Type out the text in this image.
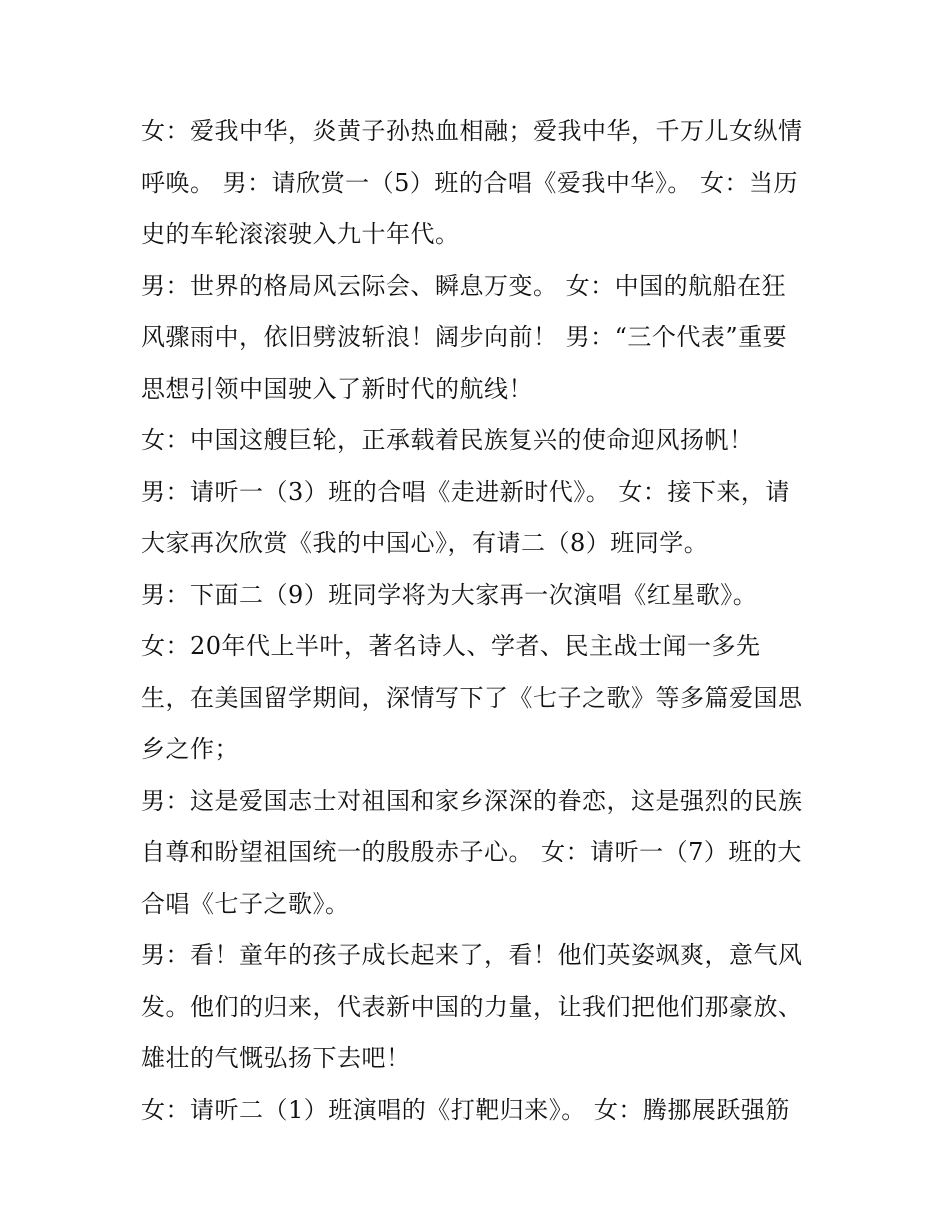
女：爱我中华，炎黄子孙热血相融；爱我中华，千万儿女纵情
呼唤。 男：请欣赏一（5）班的合唱《爱我中华》。 女：当历
史的车轮滚滚驶入九十年代。
男：世界的格局风云际会、瞬息万变。 女：中国的航船在狂
风骤雨中，依旧劈波斩浪！阔步向前！ 男：“三个代表”重要
思想引领中国驶入了新时代的航线！
女：中国这艘巨轮，正承载着民族复兴的使命迎风扬帆！
男：请听一（3）班的合唱《走进新时代》。 女：接下来，请
大家再次欣赏《我的中国心》，有请二（8）班同学。
男：下面二（9）班同学将为大家再一次演唱《红星歌》。
女：20年代上半叶，著名诗人、学者、民主战士闻一多先
生，在美国留学期间，深情写下了《七子之歌》等多篇爱国思
乡之作；
男：这是爱国志士对祖国和家乡深深的眷恋，这是强烈的民族
自尊和盼望祖国统一的殷殷赤子心。 女：请听一（7）班的大
合唱《七子之歌》。
男：看！童年的孩子成长起来了，看！他们英姿飒爽，意气风
发。他们的归来，代表新中国的力量，让我们把他们那豪放、
雄壮的气慨弘扬下去吧！
女：请听二（1）班演唱的《打靶归来》。 女：腾挪展跃强筋
